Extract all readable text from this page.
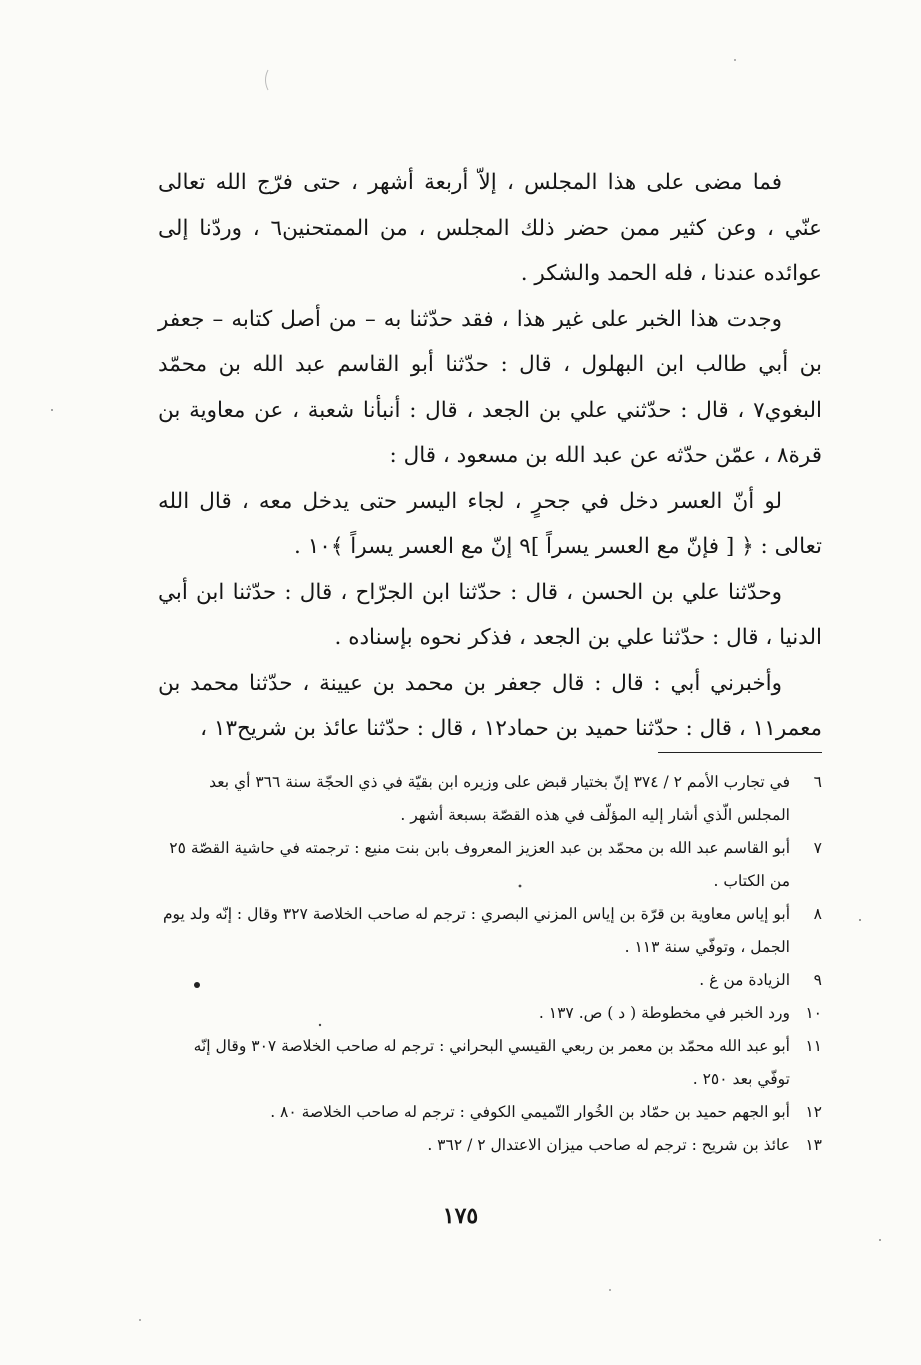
فما مضى على هذا المجلس ، إلاّ أربعة أشهر ، حتى فرّج الله تعالى عنّي ، وعن كثير ممن حضر ذلك المجلس ، من الممتحنين٦ ، وردّنا إلى عوائده عندنا ، فله الحمد والشكر .

وجدت هذا الخبر على غير هذا ، فقد حدّثنا به – من أصل كتابه – جعفر بن أبي طالب ابن البهلول ، قال : حدّثنا أبو القاسم عبد الله بن محمّد البغوي٧ ، قال : حدّثني علي بن الجعد ، قال : أنبأنا شعبة ، عن معاوية بن قرة٨ ، عمّن حدّثه عن عبد الله بن مسعود ، قال :

لو أنّ العسر دخل في جحرٍ ، لجاء اليسر حتى يدخل معه ، قال الله تعالى : ﴿ [ فإنّ مع العسر يسراً ]٩ إنّ مع العسر يسراً ﴾١٠ .

وحدّثنا علي بن الحسن ، قال : حدّثنا ابن الجرّاح ، قال : حدّثنا ابن أبي الدنيا ، قال : حدّثنا علي بن الجعد ، فذكر نحوه بإسناده .

وأخبرني أبي : قال : قال جعفر بن محمد بن عيينة ، حدّثنا محمد بن معمر١١ ، قال : حدّثنا حميد بن حماد١٢ ، قال : حدّثنا عائذ بن شريح١٣ ،

٦
في تجارب الأمم ٢ / ٣٧٤ إنّ بختيار قبض على وزيره ابن بقيّة في ذي الحجّة سنة ٣٦٦ أي بعد المجلس الّذي أشار إليه المؤلّف في هذه القصّة بسبعة أشهر .

٧
أبو القاسم عبد الله بن محمّد بن عبد العزيز المعروف بابن بنت منيع : ترجمته في حاشية القصّة ٢٥ من الكتاب .

٨
أبو إياس معاوية بن قرّة بن إياس المزني البصري : ترجم له صاحب الخلاصة ٣٢٧ وقال : إنّه ولد يوم الجمل ، وتوفّي سنة ١١٣ .

٩
الزيادة من غ .

١٠
ورد الخبر في مخطوطة ( د ) ص. ١٣٧ .

١١
أبو عبد الله محمّد بن معمر بن ربعي القيسي البحراني : ترجم له صاحب الخلاصة ٣٠٧ وقال إنّه توفّي بعد ٢٥٠ .

١٢
أبو الجهم حميد بن حمّاد بن الخُوار التّميمي الكوفي : ترجم له صاحب الخلاصة ٨٠ .

١٣
عائذ بن شريح : ترجم له صاحب ميزان الاعتدال ٢ / ٣٦٢ .

١٧٥
